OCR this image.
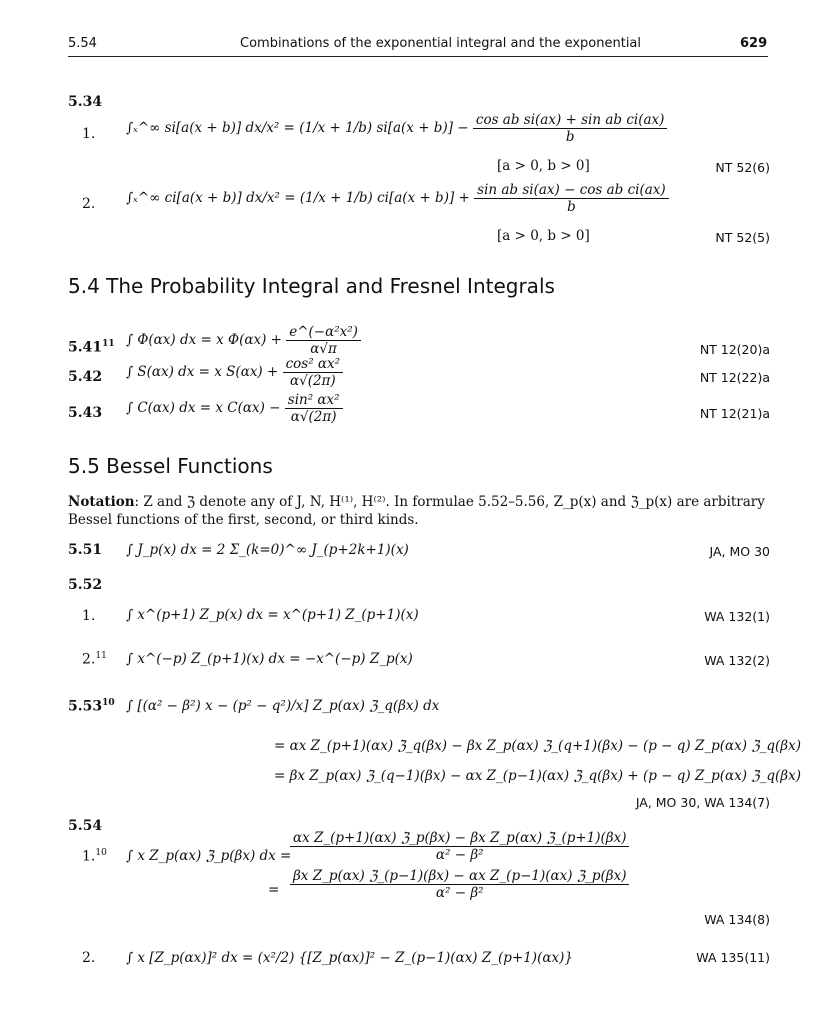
5.54	Combinations of the exponential integral and the exponential	629
5.34
1. ∫ₓ^∞ si[a(x + b)] dx/x² = (1/x + 1/b) $si[a(x + b)] - \frac{\text{cos ab si(ax) + sin ab ci(ax)}}{b}$
[a > 0, b > 0]	NT 52(6)
2. ∫ₓ^∞ ci[a(x + b)] dx/x² = (1/x + 1/b) $ci[a(x + b)] + \frac{\text{sin ab si(ax) − cos ab ci(ax)}}{b}$
[a > 0, b > 0]	NT 52(5)
5.4 The Probability Integral and Fresnel Integrals
5.41$^{11}$ ∫ Φ(αx) dx = x $\Phi(\alpha x) + \frac{\text{e\textasciicircum{}(−α²x²)}}{\alpha√\pi}$	NT 12(20)a
5.42 ∫ S(αx) dx = x $S(\alpha x) + \frac{\text{cos² αx²}}{\alpha√(2\pi)}$	NT 12(22)a
5.43 ∫ C(αx) dx = x $C(\alpha x) - \frac{\text{sin² αx²}}{\alpha√(2\pi)}$	NT 12(21)a
5.5 Bessel Functions
Notation: Z and ℨ denote any of J, N, H⁽¹⁾, H⁽²⁾. In formulae 5.52–5.56, Z_p(x) and ℨ_p(x) are arbitrary Bessel functions of the first, second, or third kinds.
5.51 ∫ J_p(x) dx = 2 Σ_(k=0)^∞ J_(p+2k+1)(x)	JA, MO 30
5.52
1. ∫ x^(p+1) Z_p(x) dx = x^(p+1) Z_(p+1)(x)	WA 132(1)
2.11 ∫ x^(−p) Z_(p+1)(x) dx = −x^(−p) Z_p(x)	WA 132(2)
5.53$^{10}$ ∫ [(α² − β²) x − (p² − q²)/x] Z_p(αx) ℨ_q(βx) dx
= αx Z_(p+1)(αx) ℨ_q(βx) − βx Z_p(αx) ℨ_(q+1)(βx) − (p − q) Z_p(αx) ℨ_q(βx)
= βx Z_p(αx) ℨ_(q−1)(βx) − αx Z_(p−1)(αx) ℨ_q(βx) + (p − q) Z_p(αx) ℨ_q(βx)
JA, MO 30, WA 134(7)
5.54
1.10 ∫ x Z_p(αx) ℨ_p(βx) dx =
$\frac{\text{αx Z\_(p+1)(αx) ℨ\_p(βx) − βx Z\_p(αx) ℨ\_(p+1)(βx)}}{\text{α² − β²}}$
= $\frac{\text{βx Z\_p(αx) ℨ\_(p−1)(βx) − αx Z\_(p−1)(αx) ℨ\_p(βx)}}{\text{α² − β²}}$
WA 134(8)
2. ∫ x [Z_p(αx)]² dx = (x²/2) {[Z_p(αx)]² − Z_(p−1)(αx) Z_(p+1)(αx)}	WA 135(11)
